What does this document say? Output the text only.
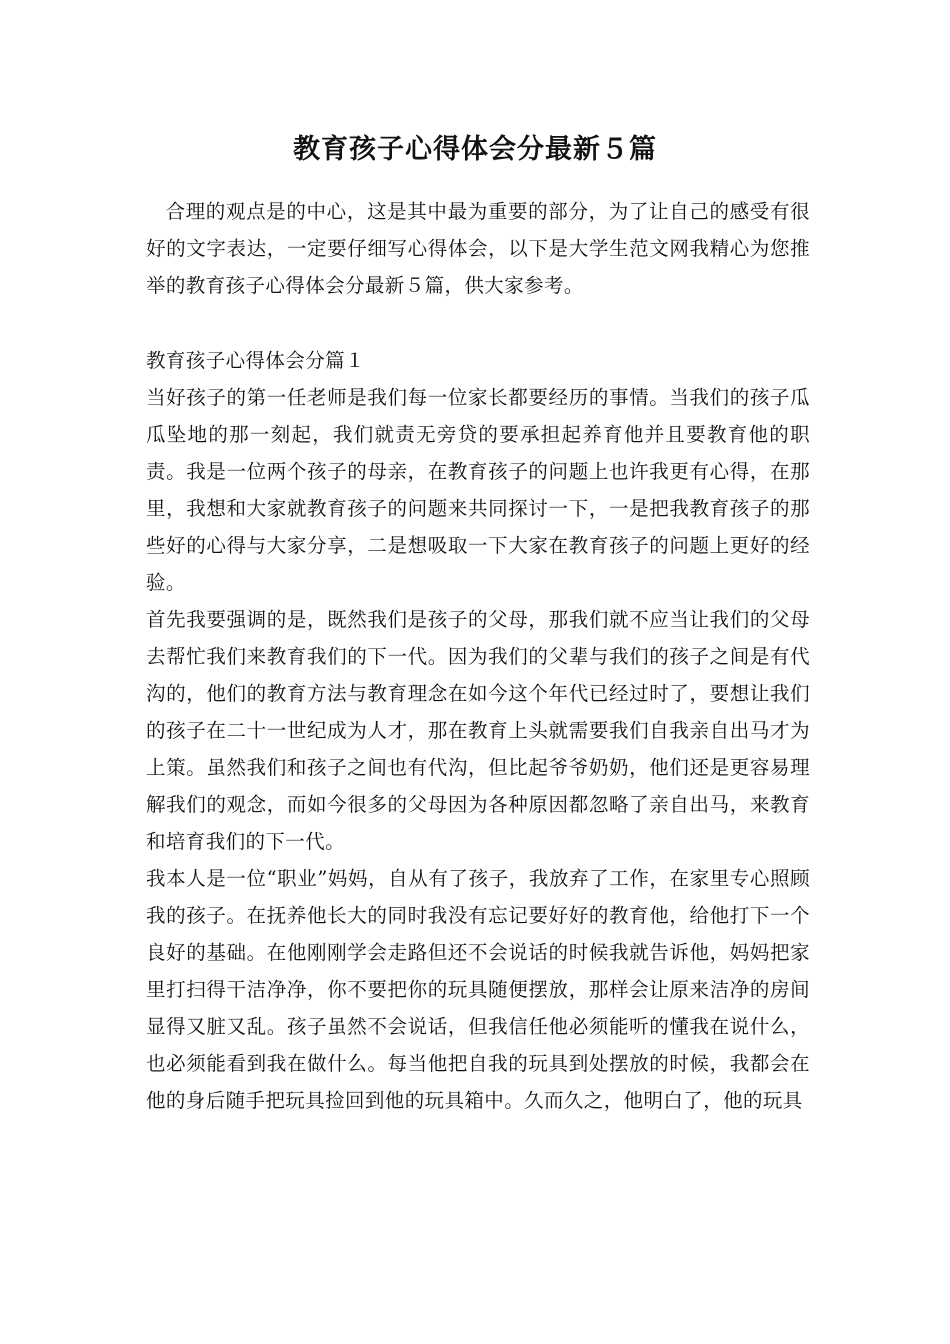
教育孩子心得体会分最新５篇

合理的观点是的中心，这是其中最为重要的部分，为了让自己的感受有很好的文字表达，一定要仔细写心得体会，以下是大学生范文网我精心为您推举的教育孩子心得体会分最新５篇，供大家参考。

教育孩子心得体会分篇１

当好孩子的第一任老师是我们每一位家长都要经历的事情。当我们的孩子瓜瓜坠地的那一刻起，我们就责无旁贷的要承担起养育他并且要教育他的职责。我是一位两个孩子的母亲，在教育孩子的问题上也许我更有心得，在那里，我想和大家就教育孩子的问题来共同探讨一下，一是把我教育孩子的那些好的心得与大家分享，二是想吸取一下大家在教育孩子的问题上更好的经验。

首先我要强调的是，既然我们是孩子的父母，那我们就不应当让我们的父母去帮忙我们来教育我们的下一代。因为我们的父辈与我们的孩子之间是有代沟的，他们的教育方法与教育理念在如今这个年代已经过时了，要想让我们的孩子在二十一世纪成为人才，那在教育上头就需要我们自我亲自出马才为上策。虽然我们和孩子之间也有代沟，但比起爷爷奶奶，他们还是更容易理解我们的观念，而如今很多的父母因为各种原因都忽略了亲自出马，来教育和培育我们的下一代。

我本人是一位“职业”妈妈，自从有了孩子，我放弃了工作，在家里专心照顾我的孩子。在抚养他长大的同时我没有忘记要好好的教育他，给他打下一个良好的基础。在他刚刚学会走路但还不会说话的时候我就告诉他，妈妈把家里打扫得干洁净净，你不要把你的玩具随便摆放，那样会让原来洁净的房间显得又脏又乱。孩子虽然不会说话，但我信任他必须能听的懂我在说什么，也必须能看到我在做什么。每当他把自我的玩具到处摆放的时候，我都会在他的身后随手把玩具捡回到他的玩具箱中。久而久之，他明白了，他的玩具
